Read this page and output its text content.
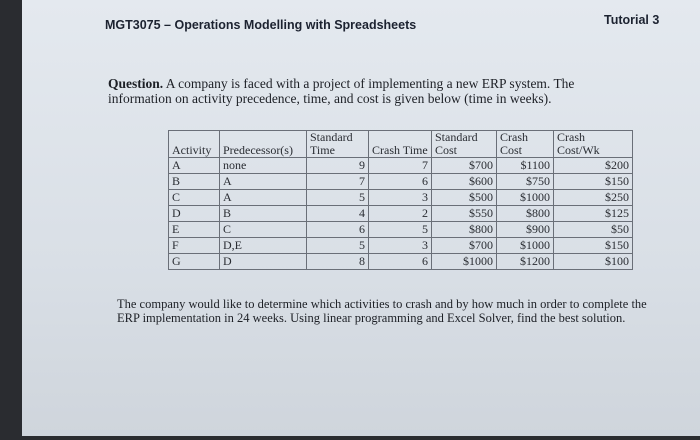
MGT3075 – Operations Modelling with Spreadsheets	Tutorial 3
Question. A company is faced with a project of implementing a new ERP system. The information on activity precedence, time, and cost is given below (time in weeks).
Activity	Predecessor(s)	Standard Time	Crash Time	Standard Cost	Crash Cost	Crash Cost/Wk
A	none	9	7	$700	$1100	$200
B	A	7	6	$600	$750	$150
C	A	5	3	$500	$1000	$250
D	B	4	2	$550	$800	$125
E	C	6	5	$800	$900	$50
F	D,E	5	3	$700	$1000	$150
G	D	8	6	$1000	$1200	$100
The company would like to determine which activities to crash and by how much in order to complete the ERP implementation in 24 weeks. Using linear programming and Excel Solver, find the best solution.
